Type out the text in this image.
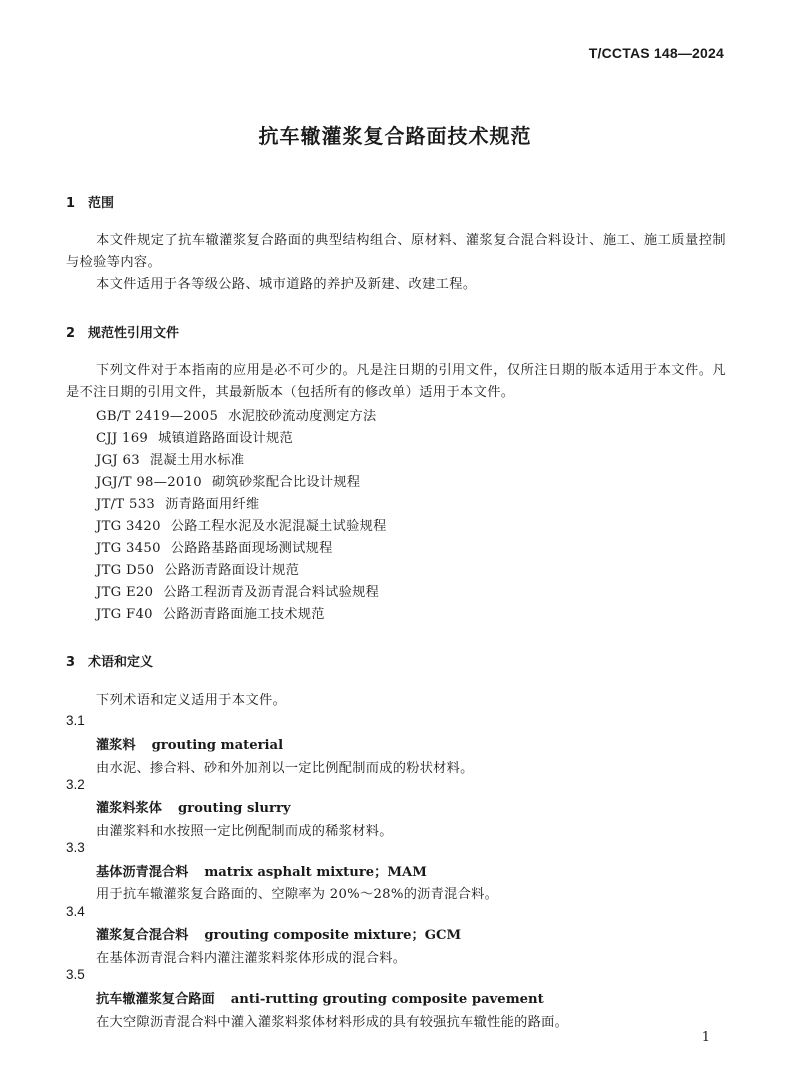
T/CCTAS 148—2024
抗车辙灌浆复合路面技术规范
1 范围
本文件规定了抗车辙灌浆复合路面的典型结构组合、原材料、灌浆复合混合料设计、施工、施工质量控制与检验等内容。
本文件适用于各等级公路、城市道路的养护及新建、改建工程。
2 规范性引用文件
下列文件对于本指南的应用是必不可少的。凡是注日期的引用文件，仅所注日期的版本适用于本文件。凡是不注日期的引用文件，其最新版本（包括所有的修改单）适用于本文件。
GB/T 2419—2005 水泥胶砂流动度测定方法
CJJ 169 城镇道路路面设计规范
JGJ 63 混凝土用水标准
JGJ/T 98—2010 砌筑砂浆配合比设计规程
JT/T 533 沥青路面用纤维
JTG 3420 公路工程水泥及水泥混凝土试验规程
JTG 3450 公路路基路面现场测试规程
JTG D50 公路沥青路面设计规范
JTG E20 公路工程沥青及沥青混合料试验规程
JTG F40 公路沥青路面施工技术规范
3 术语和定义
下列术语和定义适用于本文件。
3.1
灌浆料 grouting material
由水泥、掺合料、砂和外加剂以一定比例配制而成的粉状材料。
3.2
灌浆料浆体 grouting slurry
由灌浆料和水按照一定比例配制而成的稀浆材料。
3.3
基体沥青混合料 matrix asphalt mixture；MAM
用于抗车辙灌浆复合路面的、空隙率为 20%～28%的沥青混合料。
3.4
灌浆复合混合料 grouting composite mixture；GCM
在基体沥青混合料内灌注灌浆料浆体形成的混合料。
3.5
抗车辙灌浆复合路面 anti-rutting grouting composite pavement
在大空隙沥青混合料中灌入灌浆料浆体材料形成的具有较强抗车辙性能的路面。
1
